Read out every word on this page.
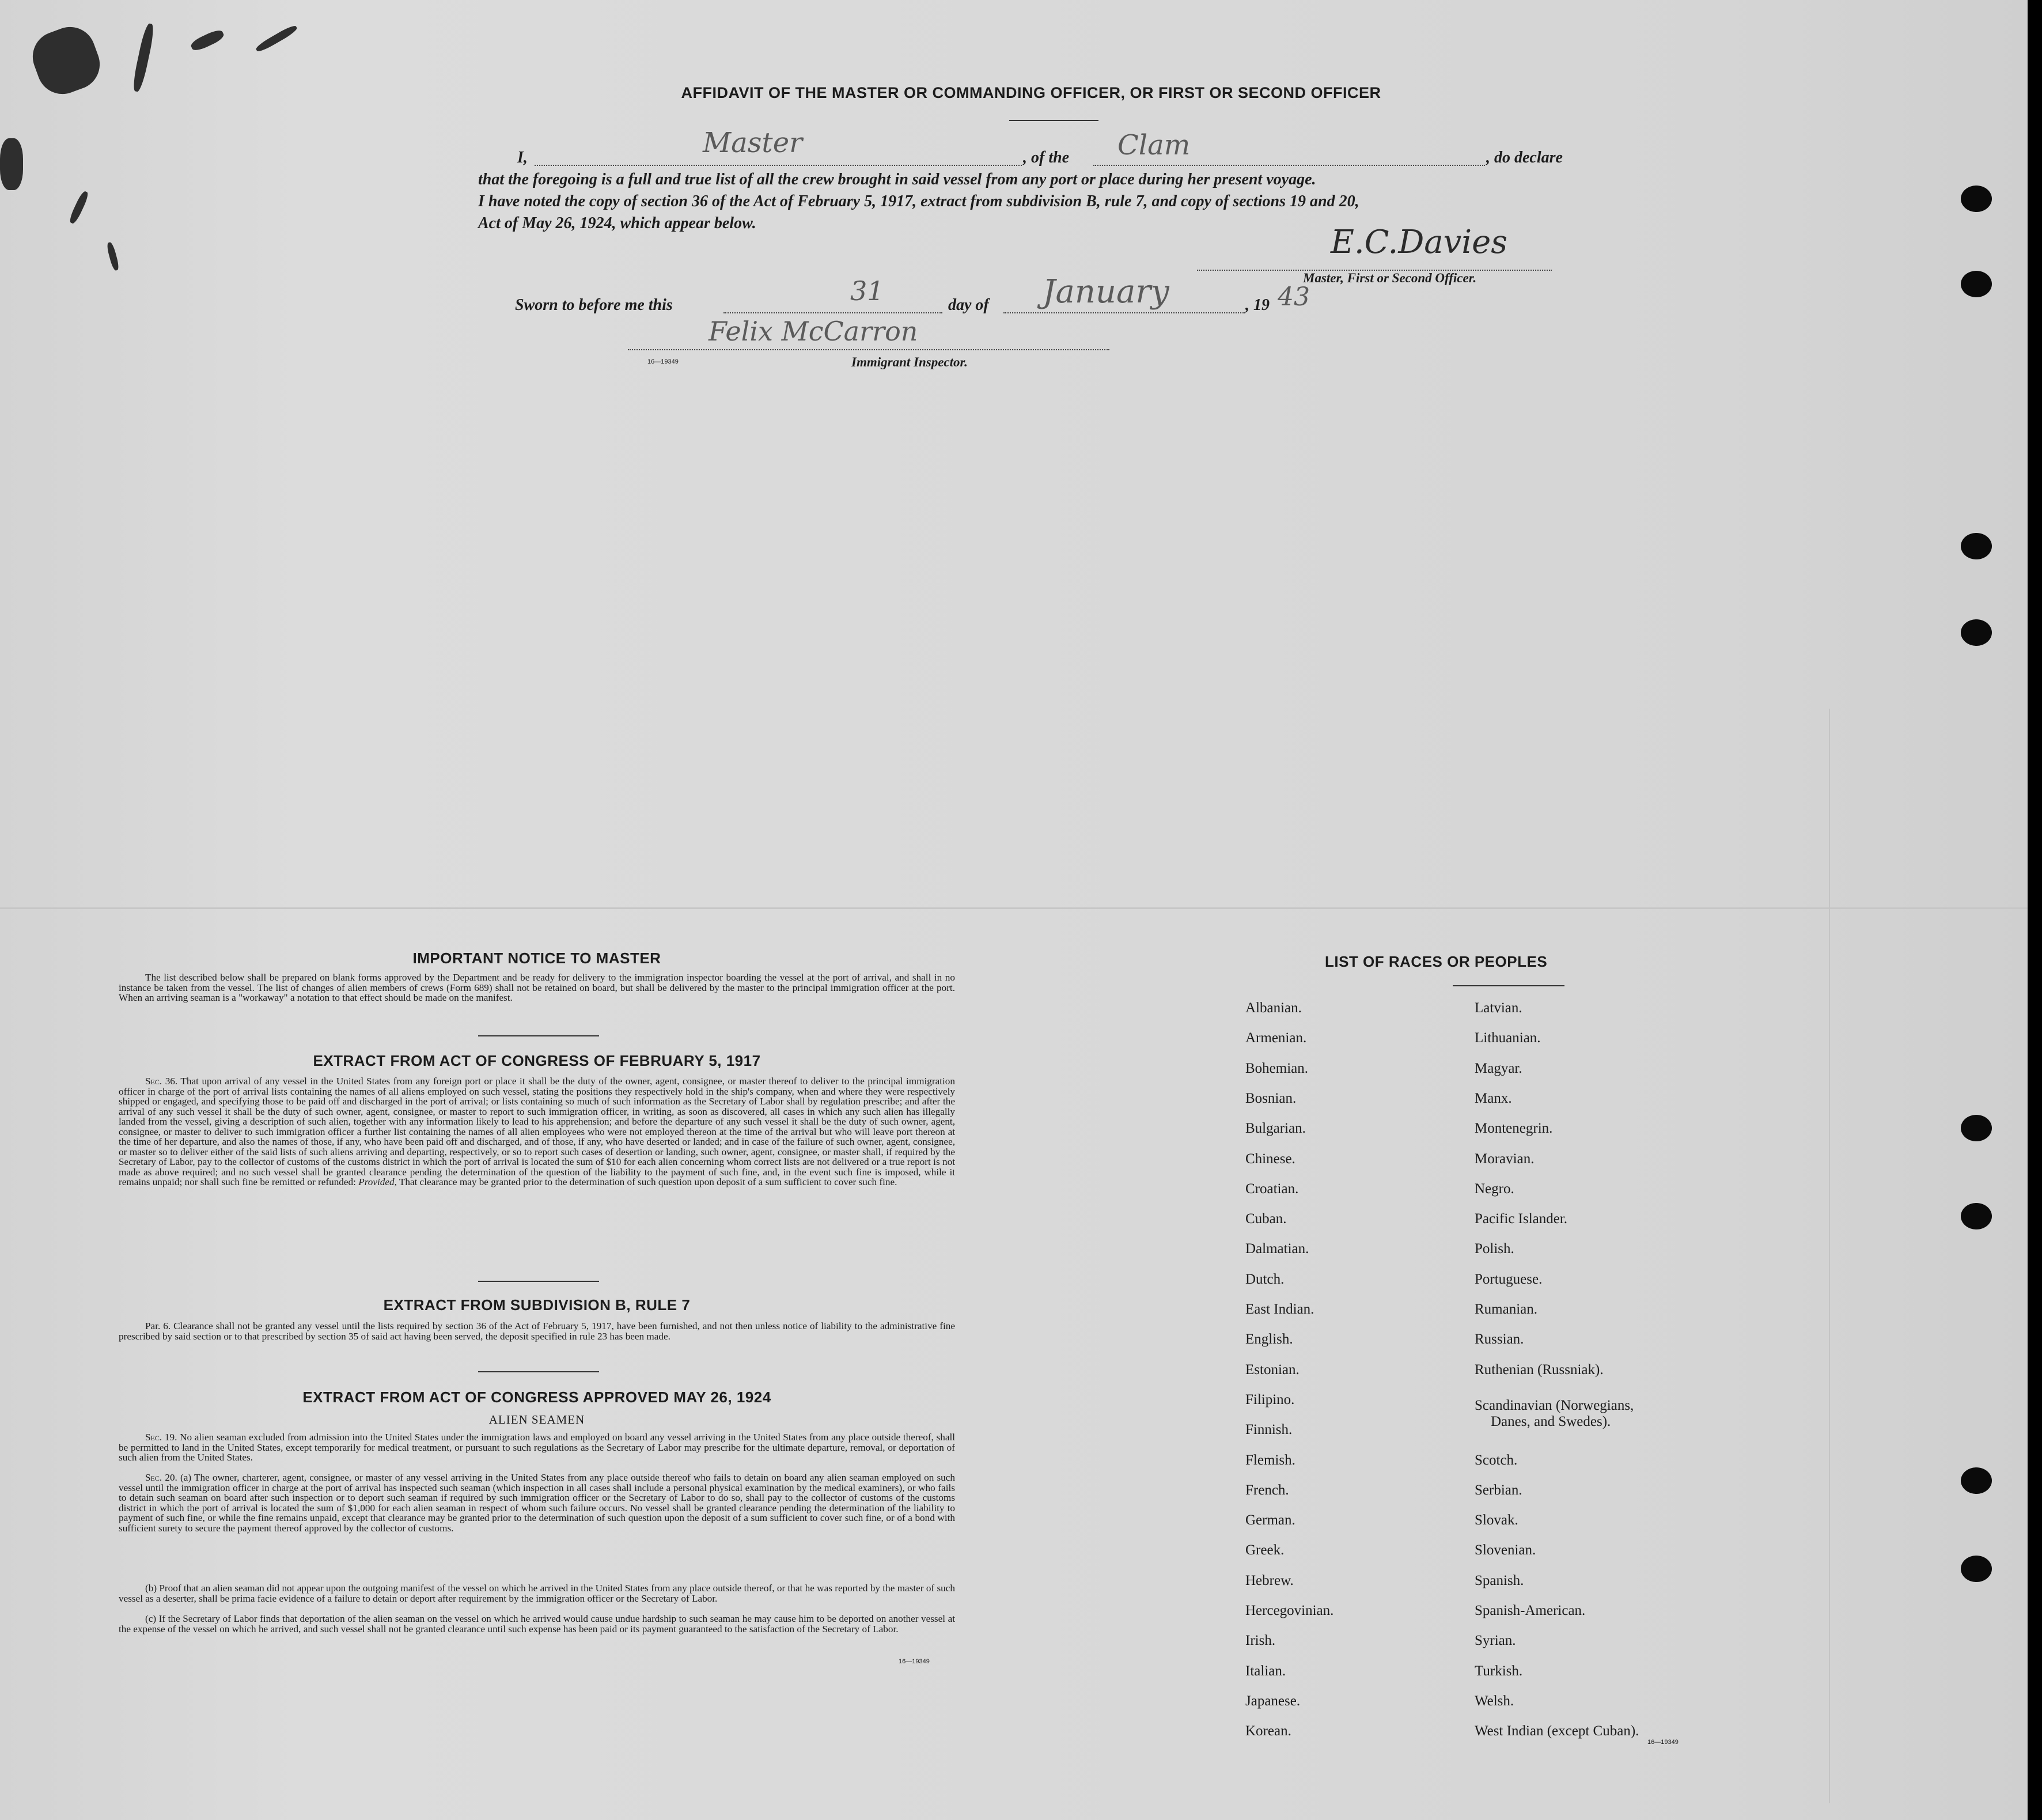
AFFIDAVIT OF THE MASTER OR COMMANDING OFFICER, OR FIRST OR SECOND OFFICER
I,	Master	, of the Clam	, do declare
that the foregoing is a full and true list of all the crew brought in said vessel from any port or place during her present voyage.
I have noted the copy of section 36 of the Act of February 5, 1917, extract from subdivision B, rule 7, and copy of sections 19 and 20,
Act of May 26, 1924, which appear below.
E.C.Davies
Master, First or Second Officer.
Sworn to before me this	31	day of January	, 19 43
Felix McCarron
16—19349	Immigrant Inspector.
IMPORTANT NOTICE TO MASTER
The list described below shall be prepared on blank forms approved by the Department and be ready for delivery to the immigration inspector boarding the vessel at the port of arrival, and shall in no instance be taken from the vessel. The list of changes of alien members of crews (Form 689) shall not be retained on board, but shall be delivered by the master to the principal immigration officer at the port. When an arriving seaman is a "workaway" a notation to that effect should be made on the manifest.
EXTRACT FROM ACT OF CONGRESS OF FEBRUARY 5, 1917
Sec. 36. That upon arrival of any vessel in the United States from any foreign port or place it shall be the duty of the owner, agent, consignee, or master thereof to deliver to the principal immigration officer in charge of the port of arrival lists containing the names of all aliens employed on such vessel, stating the positions they respectively hold in the ship's company, when and where they were respectively shipped or engaged, and specifying those to be paid off and discharged in the port of arrival; or lists containing so much of such information as the Secretary of Labor shall by regulation prescribe; and after the arrival of any such vessel it shall be the duty of such owner, agent, consignee, or master to report to such immigration officer, in writing, as soon as discovered, all cases in which any such alien has illegally landed from the vessel, giving a description of such alien, together with any information likely to lead to his apprehension; and before the departure of any such vessel it shall be the duty of such owner, agent, consignee, or master to deliver to such immigration officer a further list containing the names of all alien employees who were not employed thereon at the time of the arrival but who will leave port thereon at the time of her departure, and also the names of those, if any, who have been paid off and discharged, and of those, if any, who have deserted or landed; and in case of the failure of such owner, agent, consignee, or master so to deliver either of the said lists of such aliens arriving and departing, respectively, or so to report such cases of desertion or landing, such owner, agent, consignee, or master shall, if required by the Secretary of Labor, pay to the collector of customs of the customs district in which the port of arrival is located the sum of $10 for each alien concerning whom correct lists are not delivered or a true report is not made as above required; and no such vessel shall be granted clearance pending the determination of the question of the liability to the payment of such fine, and, in the event such fine is imposed, while it remains unpaid; nor shall such fine be remitted or refunded: Provided, That clearance may be granted prior to the determination of such question upon deposit of a sum sufficient to cover such fine.
EXTRACT FROM SUBDIVISION B, RULE 7
Par. 6. Clearance shall not be granted any vessel until the lists required by section 36 of the Act of February 5, 1917, have been furnished, and not then unless notice of liability to the administrative fine prescribed by said section or to that prescribed by section 35 of said act having been served, the deposit specified in rule 23 has been made.
EXTRACT FROM ACT OF CONGRESS APPROVED MAY 26, 1924
ALIEN SEAMEN
Sec. 19. No alien seaman excluded from admission into the United States under the immigration laws and employed on board any vessel arriving in the United States from any place outside thereof, shall be permitted to land in the United States, except temporarily for medical treatment, or pursuant to such regulations as the Secretary of Labor may prescribe for the ultimate departure, removal, or deportation of such alien from the United States.
Sec. 20. (a) The owner, charterer, agent, consignee, or master of any vessel arriving in the United States from any place outside thereof who fails to detain on board any alien seaman employed on such vessel until the immigration officer in charge at the port of arrival has inspected such seaman (which inspection in all cases shall include a personal physical examination by the medical examiners), or who fails to detain such seaman on board after such inspection or to deport such seaman if required by such immigration officer or the Secretary of Labor to do so, shall pay to the collector of customs of the customs district in which the port of arrival is located the sum of $1,000 for each alien seaman in respect of whom such failure occurs. No vessel shall be granted clearance pending the determination of the liability to payment of such fine, or while the fine remains unpaid, except that clearance may be granted prior to the determination of such question upon the deposit of a sum sufficient to cover such fine, or of a bond with sufficient surety to secure the payment thereof approved by the collector of customs.
(b) Proof that an alien seaman did not appear upon the outgoing manifest of the vessel on which he arrived in the United States from any place outside thereof, or that he was reported by the master of such vessel as a deserter, shall be prima facie evidence of a failure to detain or deport after requirement by the immigration officer or the Secretary of Labor.
(c) If the Secretary of Labor finds that deportation of the alien seaman on the vessel on which he arrived would cause undue hardship to such seaman he may cause him to be deported on another vessel at the expense of the vessel on which he arrived, and such vessel shall not be granted clearance until such expense has been paid or its payment guaranteed to the satisfaction of the Secretary of Labor.
16—19349
LIST OF RACES OR PEOPLES
16—19349
Albanian.
Armenian.
Bohemian.
Bosnian.
Bulgarian.
Chinese.
Croatian.
Cuban.
Dalmatian.
Dutch.
East Indian.
English.
Estonian.
Filipino.
Finnish.
Flemish.
French.
German.
Greek.
Hebrew.
Hercegovinian.
Irish.
Italian.
Japanese.
Korean.
Latvian.
Lithuanian.
Magyar.
Manx.
Montenegrin.
Moravian.
Negro.
Pacific Islander.
Polish.
Portuguese.
Rumanian.
Russian.
Ruthenian (Russniak).
Scandinavian (Norwegians,
Danes, and Swedes).
Scotch.
Serbian.
Slovak.
Slovenian.
Spanish.
Spanish-American.
Syrian.
Turkish.
Welsh.
West Indian (except Cuban).
